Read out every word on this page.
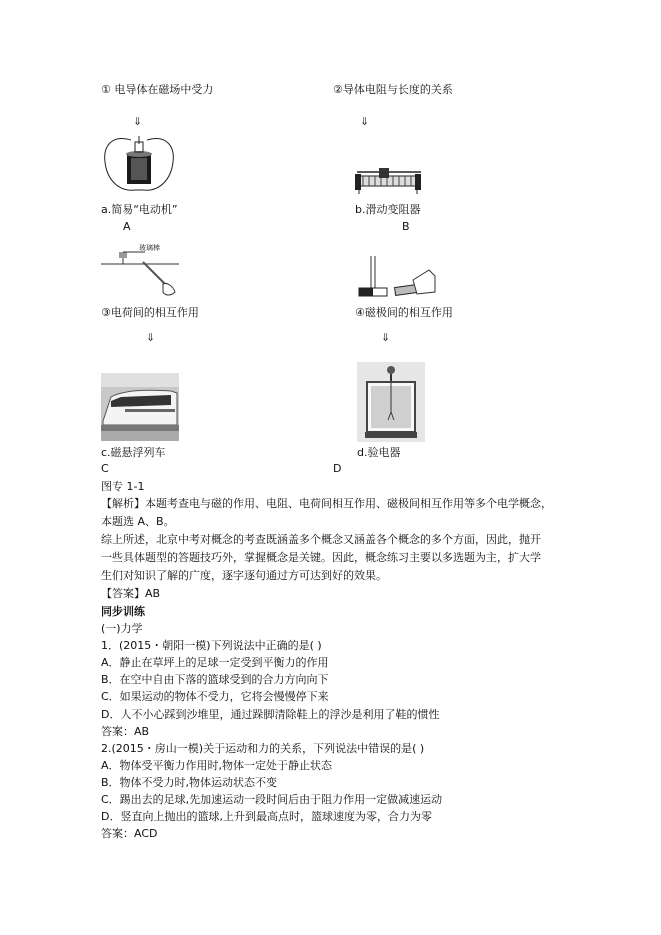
① 电导体在磁场中受力	②导体电阻与长度的关系
⇓	⇓
a.简易“电动机”
A
b.滑动变阻器
B
玻璃棒
③电荷间的相互作用	④磁极间的相互作用
⇓	⇓
c.磁悬浮列车
C
d.验电器
D
图专 1-1
【解析】本题考查电与磁的作用、电阻、电荷间相互作用、磁极间相互作用等多个电学概念，
本题选 A、B。
综上所述，北京中考对概念的考查既涵盖多个概念又涵盖各个概念的多个方面，因此，抛开
一些具体题型的答题技巧外，掌握概念是关键。因此，概念练习主要以多选题为主，扩大学
生们对知识了解的广度，逐字逐句通过方可达到好的效果。
【答案】AB
同步训练
(一)力学
1．(2015・朝阳一模)下列说法中正确的是( )
A．静止在草坪上的足球一定受到平衡力的作用
B．在空中自由下落的篮球受到的合力方向向下
C．如果运动的物体不受力，它将会慢慢停下来
D．人不小心踩到沙堆里，通过跺脚清除鞋上的浮沙是利用了鞋的惯性
答案：AB
2.(2015・房山一模)关于运动和力的关系，下列说法中错误的是( )
A．物体受平衡力作用时,物体一定处于静止状态
B．物体不受力时,物体运动状态不变
C．踢出去的足球,先加速运动一段时间后由于阻力作用一定做减速运动
D．竖直向上抛出的篮球,上升到最高点时，篮球速度为零，合力为零
答案：ACD
